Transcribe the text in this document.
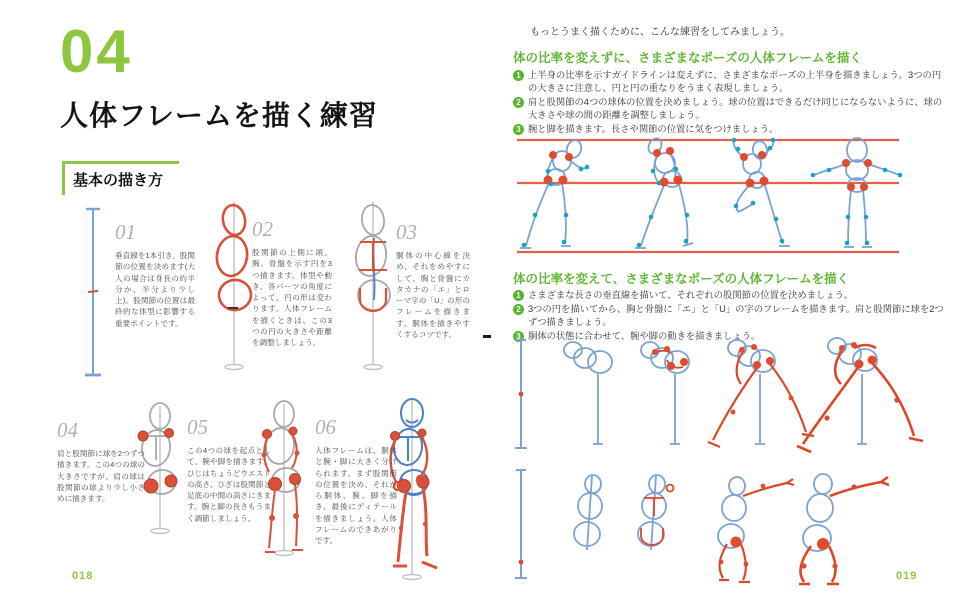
04
人体フレームを描く練習
基本の描き方

01

垂直線を1本引き、股関節の位置を決めます(大人の場合は身長の約半分か、半分より少し上)。股関節の位置は最終的な体型に影響する重要ポイントです。

02

股関節の上側に頭、胸、骨盤を示す円を3つ描きます。体型や動き、各パーツの角度によって、円の形は変わります。人体フレームを描くときは、この3つの円の大きさや距離を調整しましょう。

03

胴体の中心線を決め、それをめやすにして、胸と骨盤にカタカナの「エ」とローマ字の「U」の形のフレームを描きます。胴体を描きやすくするコツです。

04

肩と股関節に球を2つずつ描きます。この4つの球の大きさですが、肩の球は股関節の球より少し小さめに描きます。

05

この4つの球を起点として、腕や脚を描きます。ひじはちょうどウエストの高さ、ひざは股関節と足底の中間の高さにきます。腕と脚の長さもうまく調節しましょう。

06

人体フレームは、胴体と腕・脚に大きく分けられます。まず股関節の位置を決め、それから胴体、腕、脚を描き、最後にディテールを描きましょう。人体フレームのできあがりです。

018
もっとうまく描くために、こんな練習をしてみましょう。
体の比率を変えずに、さまざまなポーズの人体フレームを描く
1 上半身の比率を示すガイドラインは変えずに、さまざまなポーズの上半身を描きましょう。3つの円の大きさに注意し、円と円の重なりをうまく表現しましょう。
2 肩と股関節の4つの球体の位置を決めましょう。球の位置はできるだけ同じにならないように、球の大きさや球の間の距離を調整しましょう。
3 腕と脚を描きます。長さや関節の位置に気をつけましょう。
体の比率を変えて、さまざまなポーズの人体フレームを描く
1 さまざまな長さの垂直線を描いて、それぞれの股関節の位置を決めましょう。
2 3つの円を描いてから、胸と骨盤に「エ」と「U」の字のフレームを描きます。肩と股関節に球を2つずつ描きましょう。
3 胴体の状態に合わせて、腕や脚の動きを描きましょう。
019
